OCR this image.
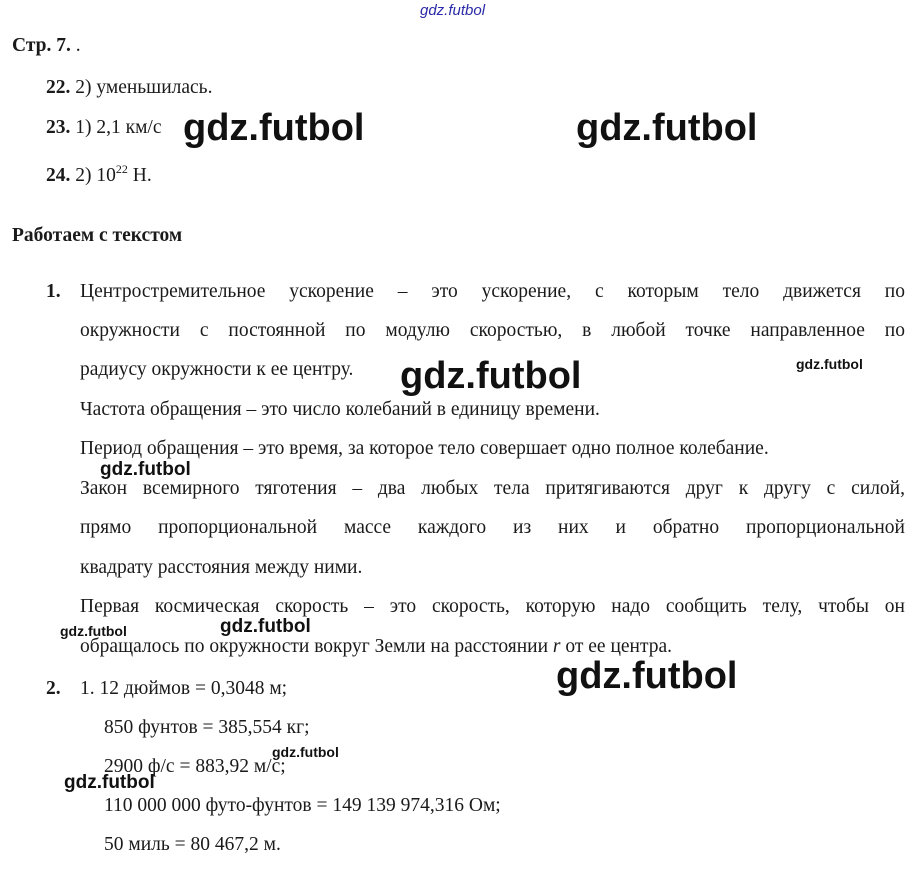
Стр. 7. .
22. 2) уменьшилась.
23. 1) 2,1 км/с
24. 2) $10^{22}$ Н.
Работаем с текстом
1. Центростремительное ускорение – это ускорение, с которым тело движется по
окружности с постоянной по модулю скоростью, в любой точке направленное по
радиусу окружности к ее центру.
Частота обращения – это число колебаний в единицу времени.
Период обращения – это время, за которое тело совершает одно полное колебание.
Закон всемирного тяготения – два любых тела притягиваются друг к другу с силой,
прямо пропорциональной массе каждого из них и обратно пропорциональной
квадрату расстояния между ними.
Первая космическая скорость – это скорость, которую надо сообщить телу, чтобы он
обращалось по окружности вокруг Земли на расстоянии r от ее центра.
2. 1. 12 дюймов = 0,3048 м;
850 фунтов = 385,554 кг;
2900 ф/с = 883,92 м/с;
110 000 000 футо-фунтов = 149 139 974,316 Ом;
50 миль = 80 467,2 м.
gdz.futbol
gdz.futbol	gdz.futbol
gdz.futbol	gdz.futbol
gdz.futbol
gdz.futbol	gdz.futbol
gdz.futbol
gdz.futbol
gdz.futbol
